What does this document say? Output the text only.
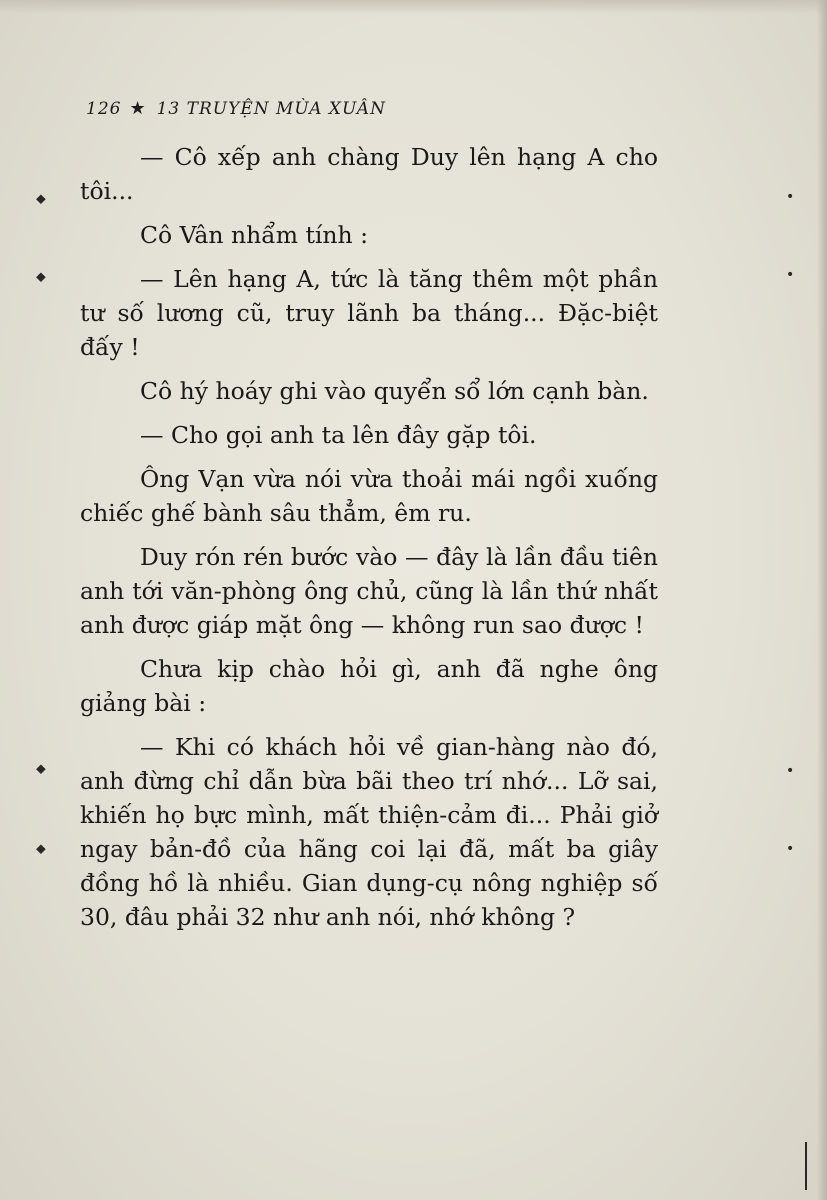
126 ★ 13 TRUYỆN MÙA XUÂN

— Cô xếp anh chàng Duy lên hạng A cho tôi...

Cô Vân nhẩm tính :

— Lên hạng A, tức là tăng thêm một phần tư số lương cũ, truy lãnh ba tháng... Đặc-biệt đấy !

Cô hý hoáy ghi vào quyển sổ lớn cạnh bàn.

— Cho gọi anh ta lên đây gặp tôi.

Ông Vạn vừa nói vừa thoải mái ngồi xuống chiếc ghế bành sâu thẳm, êm ru.

Duy rón rén bước vào — đây là lần đầu tiên anh tới văn-phòng ông chủ, cũng là lần thứ nhất anh được giáp mặt ông — không run sao được !

Chưa kịp chào hỏi gì, anh đã nghe ông giảng bài :

— Khi có khách hỏi về gian-hàng nào đó, anh đừng chỉ dẫn bừa bãi theo trí nhớ... Lỡ sai, khiến họ bực mình, mất thiện-cảm đi... Phải giở ngay bản-đồ của hãng coi lại đã, mất ba giây đồng hồ là nhiều. Gian dụng-cụ nông nghiệp số 30, đâu phải 32 như anh nói, nhớ không ?

⬥
⬥
⬥
⬥
•
•
•
•
